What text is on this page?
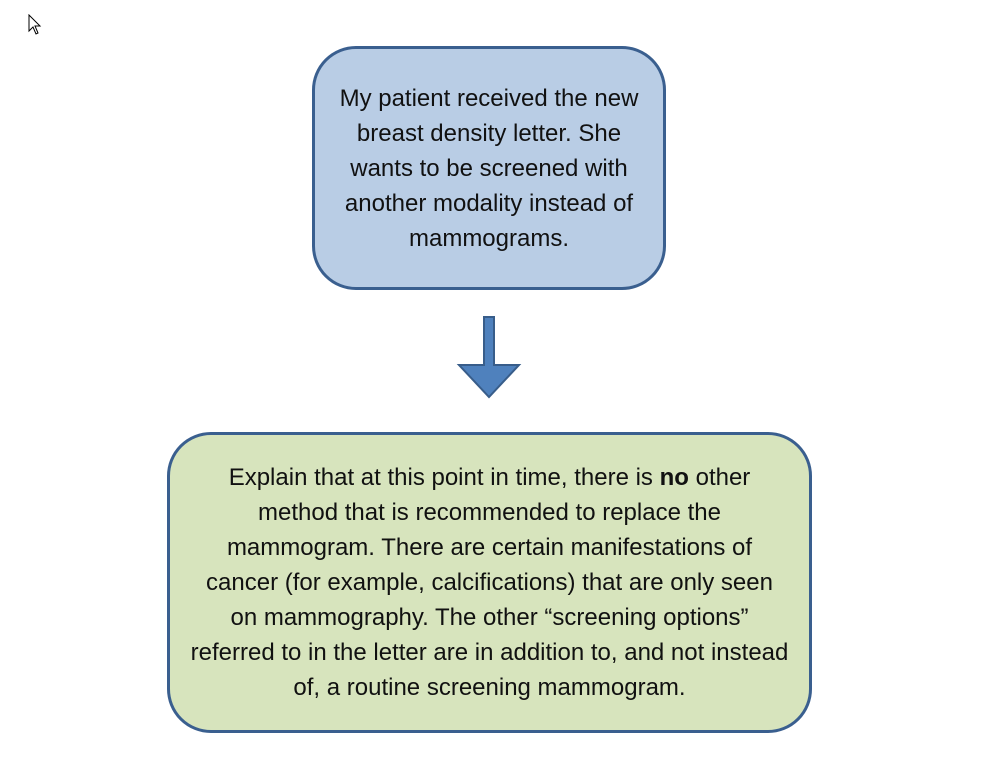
My patient received the new breast density letter. She wants to be screened with another modality instead of mammograms.
Explain that at this point in time, there is no other method that is recommended to replace the mammogram. There are certain manifestations of cancer (for example, calcifications) that are only seen on mammography. The other “screening options” referred to in the letter are in addition to, and not instead of, a routine screening mammogram.
